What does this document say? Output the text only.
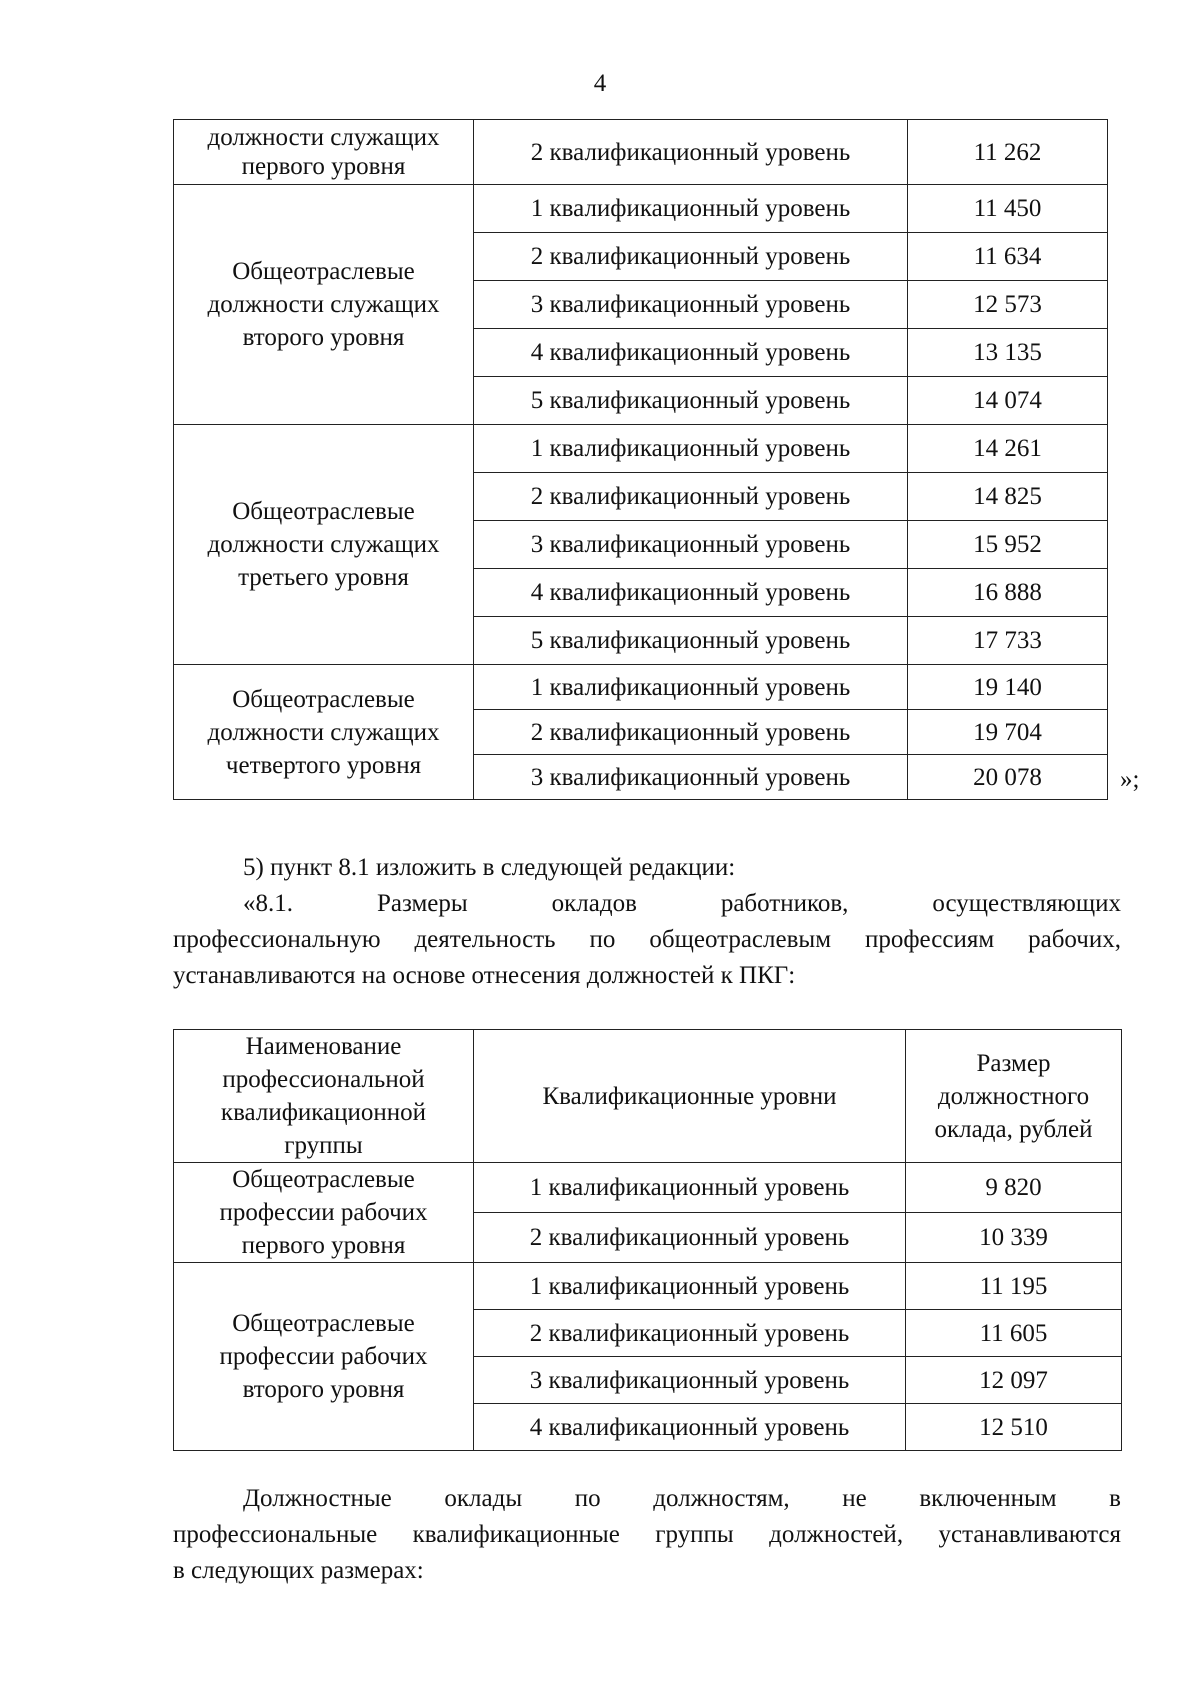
4
должности служащих первого уровня	2 квалификационный уровень	11 262
Общеотраслевые должности служащих второго уровня	1 квалификационный уровень	11 450
	2 квалификационный уровень	11 634
	3 квалификационный уровень	12 573
	4 квалификационный уровень	13 135
	5 квалификационный уровень	14 074
Общеотраслевые должности служащих третьего уровня	1 квалификационный уровень	14 261
	2 квалификационный уровень	14 825
	3 квалификационный уровень	15 952
	4 квалификационный уровень	16 888
	5 квалификационный уровень	17 733
Общеотраслевые должности служащих четвертого уровня	1 квалификационный уровень	19 140
	2 квалификационный уровень	19 704
	3 квалификационный уровень	20 078	»;

5) пункт 8.1 изложить в следующей редакции:

«8.1. Размеры окладов работников, осуществляющих

профессиональную деятельность по общеотраслевым профессиям рабочих,

устанавливаются на основе отнесения должностей к ПКГ:

Наименование профессиональной квалификационной группы	Квалификационные уровни	Размер должностного оклада, рублей
Общеотраслевые профессии рабочих первого уровня	1 квалификационный уровень	9 820
	2 квалификационный уровень	10 339
Общеотраслевые профессии рабочих второго уровня	1 квалификационный уровень	11 195
	2 квалификационный уровень	11 605
	3 квалификационный уровень	12 097
	4 квалификационный уровень	12 510

Должностные оклады по должностям, не включенным в

профессиональные квалификационные группы должностей, устанавливаются

в следующих размерах:
